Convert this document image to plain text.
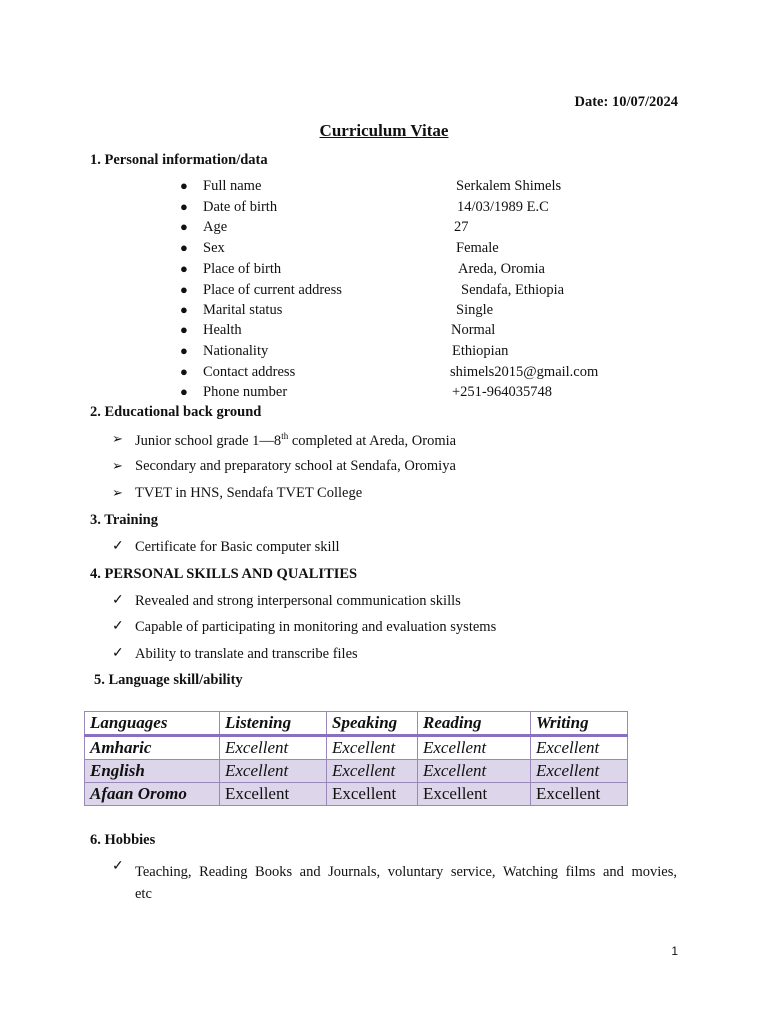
Date: 10/07/2024
Curriculum Vitae
1. Personal information/data
● Full name	Serkalem Shimels
● Date of birth	14/03/1989 E.C
● Age	27
● Sex	Female
● Place of birth	Areda, Oromia
● Place of current address	Sendafa, Ethiopia
● Marital status	Single
● Health	Normal
● Nationality	Ethiopian
● Contact address	shimels2015@gmail.com
● Phone number	+251-964035748
2. Educational back ground
➢ Junior school grade 1—8th completed at Areda, Oromia
➢ Secondary and preparatory school at Sendafa, Oromiya
➢ TVET in HNS, Sendafa TVET College
3. Training
✓ Certificate for Basic computer skill
4. PERSONAL SKILLS AND QUALITIES
✓ Revealed and strong interpersonal communication skills
✓ Capable of participating in monitoring and evaluation systems
✓ Ability to translate and transcribe files
5. Language skill/ability
Languages	Listening	Speaking	Reading	Writing
Amharic	Excellent	Excellent	Excellent	Excellent
English	Excellent	Excellent	Excellent	Excellent
Afaan Oromo	Excellent	Excellent	Excellent	Excellent
6. Hobbies
✓ Teaching, Reading Books and Journals, voluntary service, Watching films and movies,
etc
1
